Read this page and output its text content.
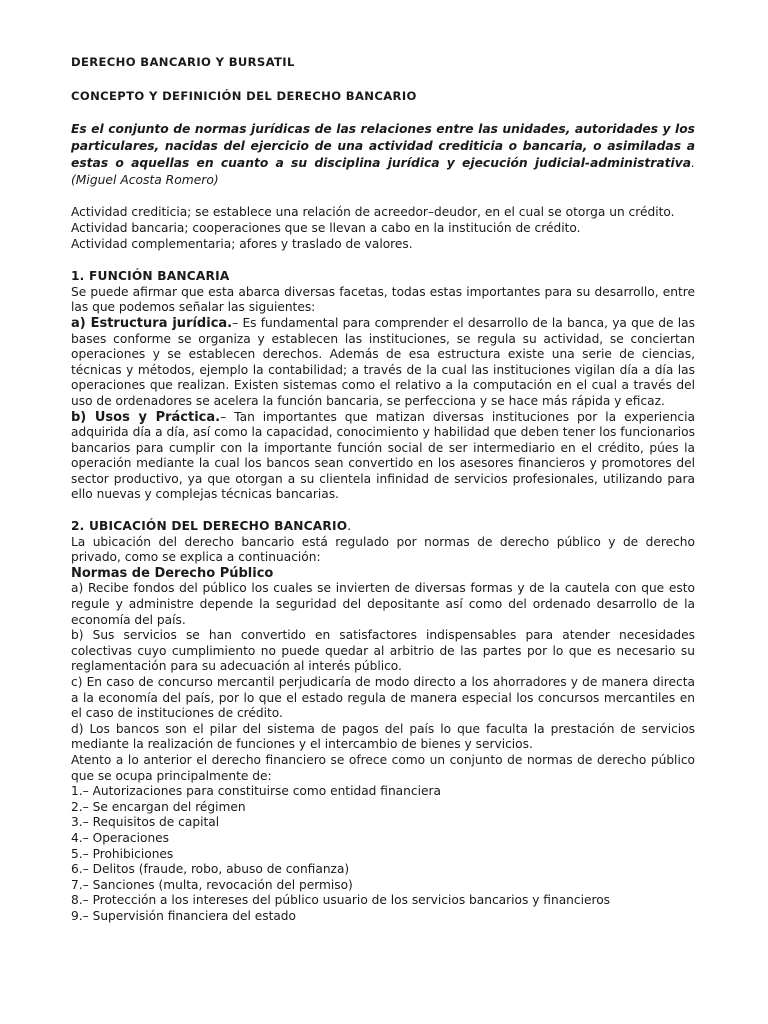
DERECHO BANCARIO Y BURSATIL
CONCEPTO Y DEFINICIÓN DEL DERECHO BANCARIO
Es el conjunto de normas jurídicas de las relaciones entre las unidades, autoridades y los particulares, nacidas del ejercicio de una actividad crediticia o bancaria, o asimiladas a estas o aquellas en cuanto a su disciplina jurídica y ejecución judicial-administrativa. (Miguel Acosta Romero)
Actividad crediticia; se establece una relación de acreedor–deudor, en el cual se otorga un crédito.
Actividad bancaria; cooperaciones que se llevan a cabo en la institución de crédito.
Actividad complementaria; afores y traslado de valores.
1. FUNCIÓN BANCARIA

Se puede afirmar que esta abarca diversas facetas, todas estas importantes para su desarrollo, entre las que podemos señalar las siguientes:

a) Estructura jurídica.– Es fundamental para comprender el desarrollo de la banca, ya que de las bases conforme se organiza y establecen las instituciones, se regula su actividad, se conciertan operaciones y se establecen derechos. Además de esa estructura existe una serie de ciencias, técnicas y métodos, ejemplo la contabilidad; a través de la cual las instituciones vigilan día a día las operaciones que realizan. Existen sistemas como el relativo a la computación en el cual a través del uso de ordenadores se acelera la función bancaria, se perfecciona y se hace más rápida y eficaz.

b) Usos y Práctica.– Tan importantes que matizan diversas instituciones por la experiencia adquirida día a día, así como la capacidad, conocimiento y habilidad que deben tener los funcionarios bancarios para cumplir con la importante función social de ser intermediario en el crédito, púes la operación mediante la cual los bancos sean convertido en los asesores financieros y promotores del sector productivo, ya que otorgan a su clientela infinidad de servicios profesionales, utilizando para ello nuevas y complejas técnicas bancarias.

2. UBICACIÓN DEL DERECHO BANCARIO.

La ubicación del derecho bancario está regulado por normas de derecho público y de derecho privado, como se explica a continuación:

Normas de Derecho Público

a) Recibe fondos del público los cuales se invierten de diversas formas y de la cautela con que esto regule y administre depende la seguridad del depositante así como del ordenado desarrollo de la economía del país.

b) Sus servicios se han convertido en satisfactores indispensables para atender necesidades colectivas cuyo cumplimiento no puede quedar al arbitrio de las partes por lo que es necesario su reglamentación para su adecuación al interés público.

c) En caso de concurso mercantil perjudicaría de modo directo a los ahorradores y de manera directa a la economía del país, por lo que el estado regula de manera especial los concursos mercantiles en el caso de instituciones de crédito.

d) Los bancos son el pilar del sistema de pagos del país lo que faculta la prestación de servicios mediante la realización de funciones y el intercambio de bienes y servicios.

Atento a lo anterior el derecho financiero se ofrece como un conjunto de normas de derecho público que se ocupa principalmente de:

1.– Autorizaciones para constituirse como entidad financiera
2.– Se encargan del régimen
3.– Requisitos de capital
4.– Operaciones
5.– Prohibiciones
6.– Delitos (fraude, robo, abuso de confianza)
7.– Sanciones (multa, revocación del permiso)
8.– Protección a los intereses del público usuario de los servicios bancarios y financieros
9.– Supervisión financiera del estado
